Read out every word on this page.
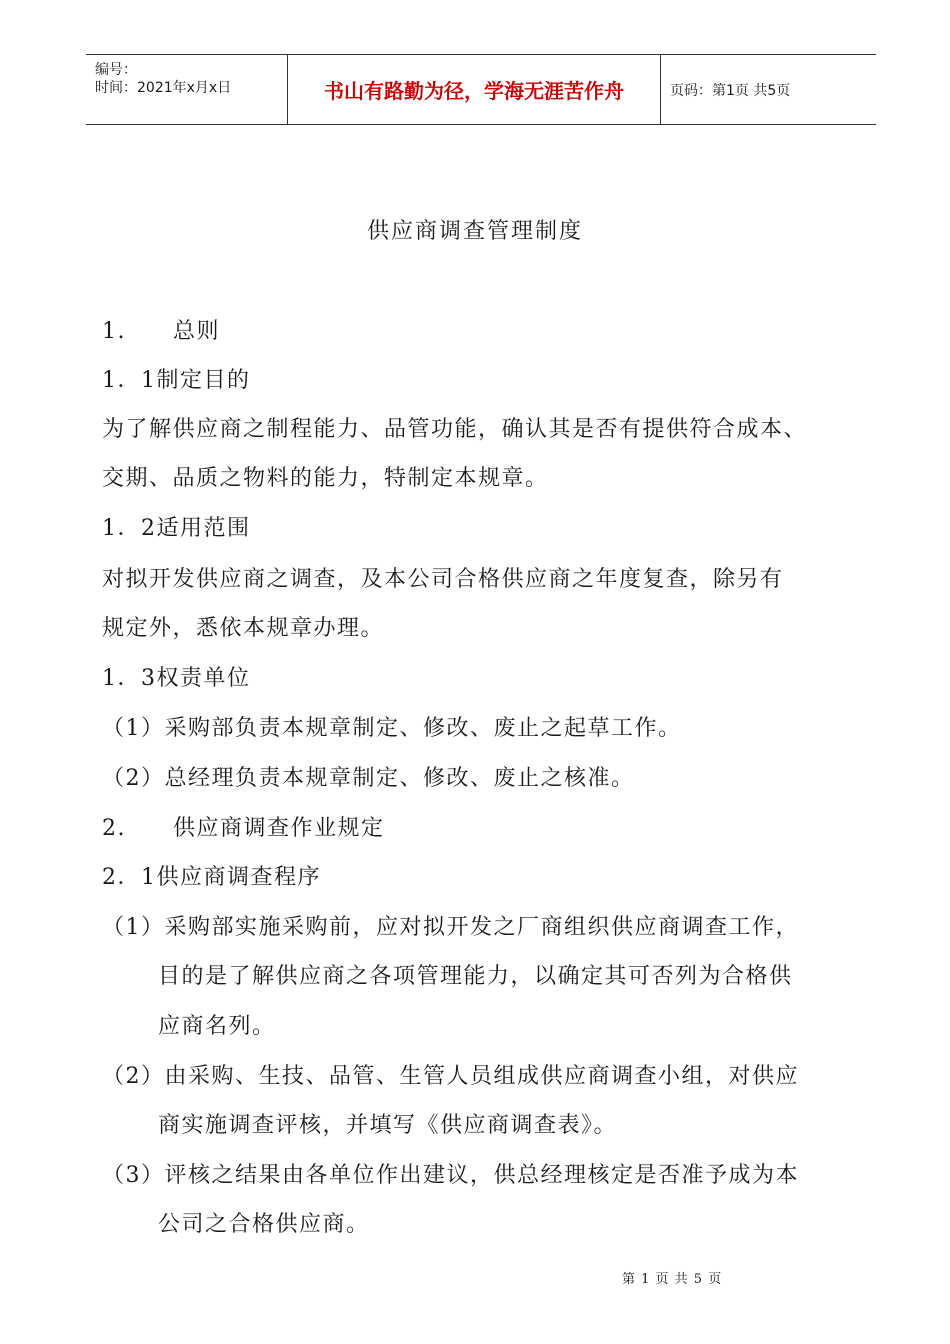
编号：
时间：2021年x月x日	书山有路勤为径，学海无涯苦作舟	页码：第1页 共5页
供应商调查管理制度
1.　　总则
1．1制定目的
为了解供应商之制程能力、品管功能，确认其是否有提供符合成本、
交期、品质之物料的能力，特制定本规章。
1．2适用范围
对拟开发供应商之调查，及本公司合格供应商之年度复查，除另有
规定外，悉依本规章办理。
1．3权责单位
（1）采购部负责本规章制定、修改、废止之起草工作。
（2）总经理负责本规章制定、修改、废止之核准。
2.　　供应商调查作业规定
2．1供应商调查程序
（1）采购部实施采购前，应对拟开发之厂商组织供应商调查工作，
目的是了解供应商之各项管理能力，以确定其可否列为合格供
应商名列。
（2）由采购、生技、品管、生管人员组成供应商调查小组，对供应
商实施调查评核，并填写《供应商调查表》。
（3）评核之结果由各单位作出建议，供总经理核定是否准予成为本
公司之合格供应商。
第 1 页 共 5 页
